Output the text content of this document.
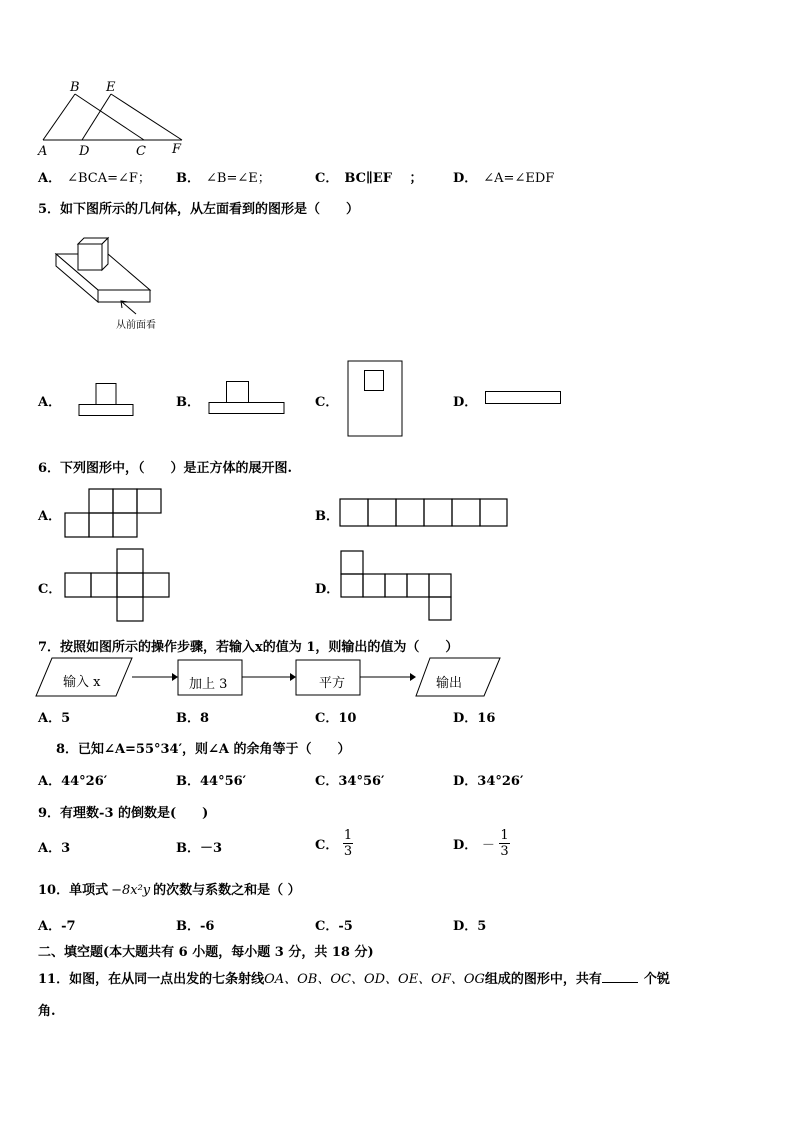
B E
A D	C F
A． ∠BCA=∠F； B． ∠B=∠E；	C． BC∥EF　 ； D． ∠A=∠EDF
5．如下图所示的几何体，从左面看到的图形是（　　）
从前面看
A．	B．	C．	D．
6．下列图形中，（　　）是正方体的展开图.
A．	B．
C．	D．
7．按照如图所示的操作步骤，若输入x的值为 1，则输出的值为（　　）
输入 x	加上 3	平方	输出
A．5	B．8	C．10	D．16
8．已知∠A=55°34′，则∠A 的余角等于（　　）
A．44°26′	B．44°56′	C．34°56′	D．34°26′
9．有理数-3 的倒数是(　　)
A．3	B．－3	C． $\frac{1}{3}$	D． － $\frac{1}{3}$
10．单项式 −8x²y 的次数与系数之和是（ ）
A．-7	B．-6	C．-5	D．5
二、填空题(本大题共有 6 小题，每小题 3 分，共 18 分)
11．如图，在从同一点出发的七条射线OA、OB、OC、OD、OE、OF、OG组成的图形中，共有	个锐
角.
